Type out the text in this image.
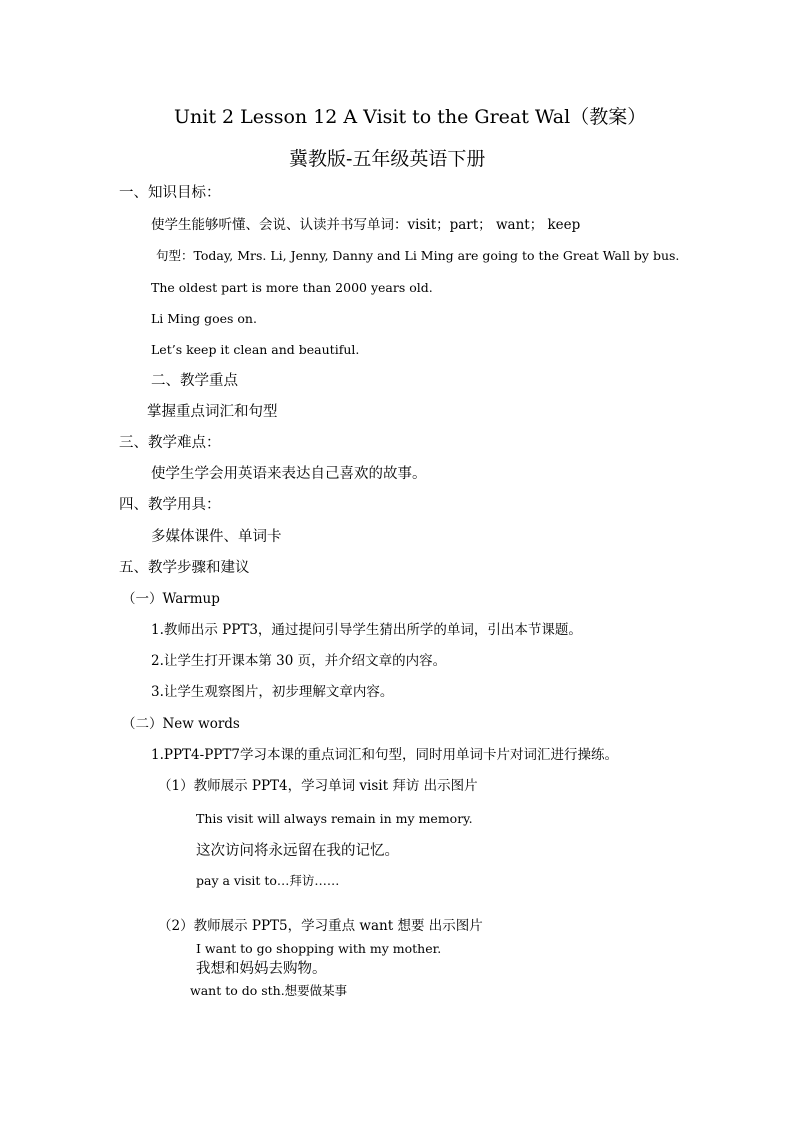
Unit 2 Lesson 12 A Visit to the Great Wal（教案）
冀教版-五年级英语下册
一、知识目标：
使学生能够听懂、会说、认读并书写单词：visit；part； want； keep
句型：Today, Mrs. Li, Jenny, Danny and Li Ming are going to the Great Wall by bus.
The oldest part is more than 2000 years old.
Li Ming goes on.
Let’s keep it clean and beautiful.
二、教学重点
掌握重点词汇和句型
三、教学难点：
使学生学会用英语来表达自己喜欢的故事。
四、教学用具：
多媒体课件、单词卡
五、教学步骤和建议
（一）Warmup
1.教师出示 PPT3，通过提问引导学生猜出所学的单词，引出本节课题。
2.让学生打开课本第 30 页，并介绍文章的内容。
3.让学生观察图片，初步理解文章内容。
（二）New words
1.PPT4-PPT7学习本课的重点词汇和句型，同时用单词卡片对词汇进行操练。
（1）教师展示 PPT4，学习单词 visit 拜访 出示图片
This visit will always remain in my memory.
这次访问将永远留在我的记忆。
pay a visit to…拜访……
（2）教师展示 PPT5，学习重点 want 想要 出示图片
I want to go shopping with my mother.
我想和妈妈去购物。
want to do sth.想要做某事
